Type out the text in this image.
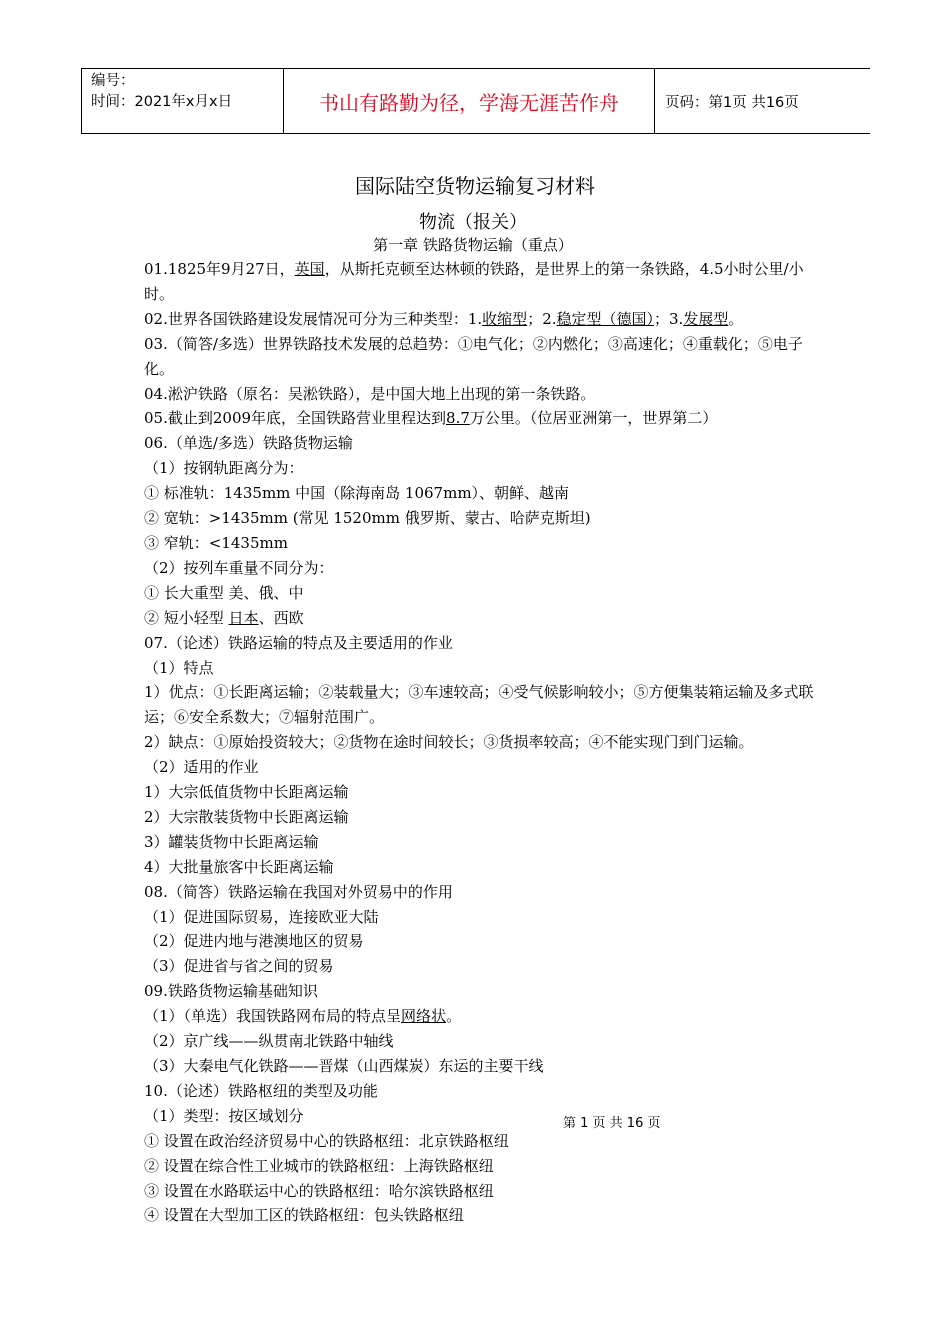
编号：
时间：2021年x月x日	书山有路勤为径，学海无涯苦作舟	页码：第1页 共16页
国际陆空货物运输复习材料
物流（报关）
第一章 铁路货物运输（重点）

01.1825年9月27日，英国，从斯托克顿至达林顿的铁路，是世界上的第一条铁路，4.5小时公里/小时。

02.世界各国铁路建设发展情况可分为三种类型：1.收缩型；2.稳定型（德国）；3.发展型。

03.（简答/多选）世界铁路技术发展的总趋势：①电气化；②内燃化；③高速化；④重载化；⑤电子化。

04.淞沪铁路（原名：吴淞铁路），是中国大地上出现的第一条铁路。

05.截止到2009年底，全国铁路营业里程达到8.7万公里。（位居亚洲第一，世界第二）

06.（单选/多选）铁路货物运输

（1）按钢轨距离分为：

① 标准轨：1435mm 中国（除海南岛 1067mm）、朝鲜、越南

② 宽轨：>1435mm (常见 1520mm 俄罗斯、蒙古、哈萨克斯坦)

③ 窄轨：<1435mm

（2）按列车重量不同分为：

① 长大重型 美、俄、中

② 短小轻型 日本、西欧

07.（论述）铁路运输的特点及主要适用的作业

（1）特点

1）优点：①长距离运输；②装载量大；③车速较高；④受气候影响较小；⑤方便集装箱运输及多式联运；⑥安全系数大；⑦辐射范围广。

2）缺点：①原始投资较大；②货物在途时间较长；③货损率较高；④不能实现门到门运输。

（2）适用的作业

1）大宗低值货物中长距离运输

2）大宗散装货物中长距离运输

3）罐装货物中长距离运输

4）大批量旅客中长距离运输

08.（简答）铁路运输在我国对外贸易中的作用

（1）促进国际贸易，连接欧亚大陆

（2）促进内地与港澳地区的贸易

（3）促进省与省之间的贸易

09.铁路货物运输基础知识

（1）（单选）我国铁路网布局的特点呈网络状。

（2）京广线——纵贯南北铁路中轴线

（3）大秦电气化铁路——晋煤（山西煤炭）东运的主要干线

10.（论述）铁路枢纽的类型及功能

（1）类型：按区域划分

① 设置在政治经济贸易中心的铁路枢纽：北京铁路枢纽

② 设置在综合性工业城市的铁路枢纽：上海铁路枢纽

③ 设置在水路联运中心的铁路枢纽：哈尔滨铁路枢纽

④ 设置在大型加工区的铁路枢纽：包头铁路枢纽

第 1 页 共 16 页
